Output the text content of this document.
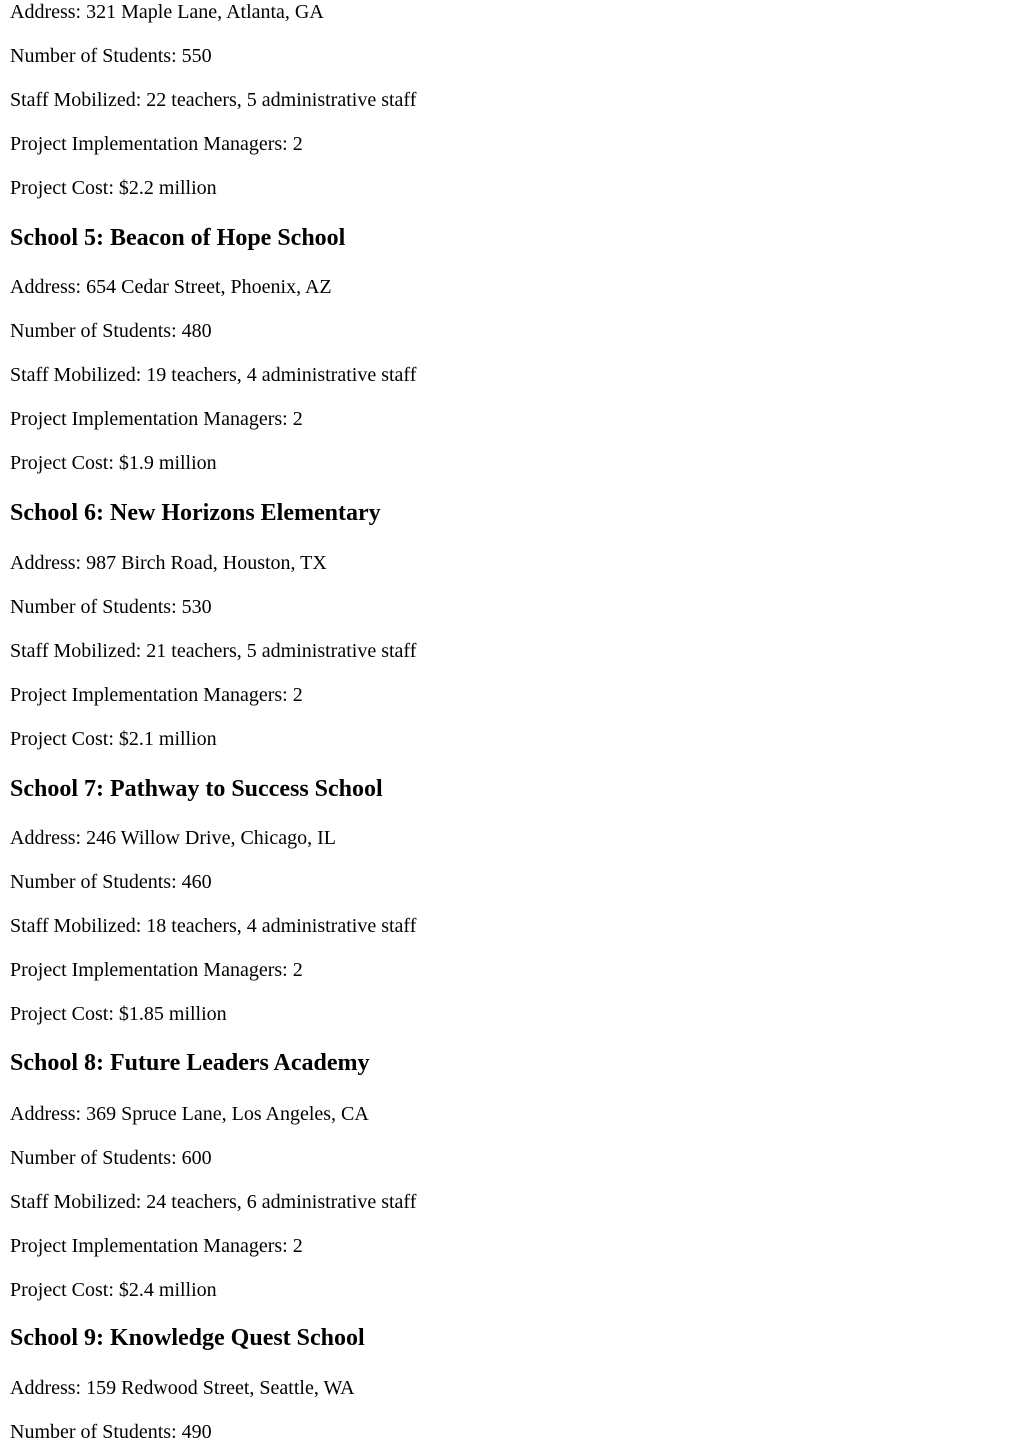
Address: 321 Maple Lane, Atlanta, GA
Number of Students: 550
Staff Mobilized: 22 teachers, 5 administrative staff
Project Implementation Managers: 2
Project Cost: $2.2 million
School 5: Beacon of Hope School
Address: 654 Cedar Street, Phoenix, AZ
Number of Students: 480
Staff Mobilized: 19 teachers, 4 administrative staff
Project Implementation Managers: 2
Project Cost: $1.9 million
School 6: New Horizons Elementary
Address: 987 Birch Road, Houston, TX
Number of Students: 530
Staff Mobilized: 21 teachers, 5 administrative staff
Project Implementation Managers: 2
Project Cost: $2.1 million
School 7: Pathway to Success School
Address: 246 Willow Drive, Chicago, IL
Number of Students: 460
Staff Mobilized: 18 teachers, 4 administrative staff
Project Implementation Managers: 2
Project Cost: $1.85 million
School 8: Future Leaders Academy
Address: 369 Spruce Lane, Los Angeles, CA
Number of Students: 600
Staff Mobilized: 24 teachers, 6 administrative staff
Project Implementation Managers: 2
Project Cost: $2.4 million
School 9: Knowledge Quest School
Address: 159 Redwood Street, Seattle, WA
Number of Students: 490
